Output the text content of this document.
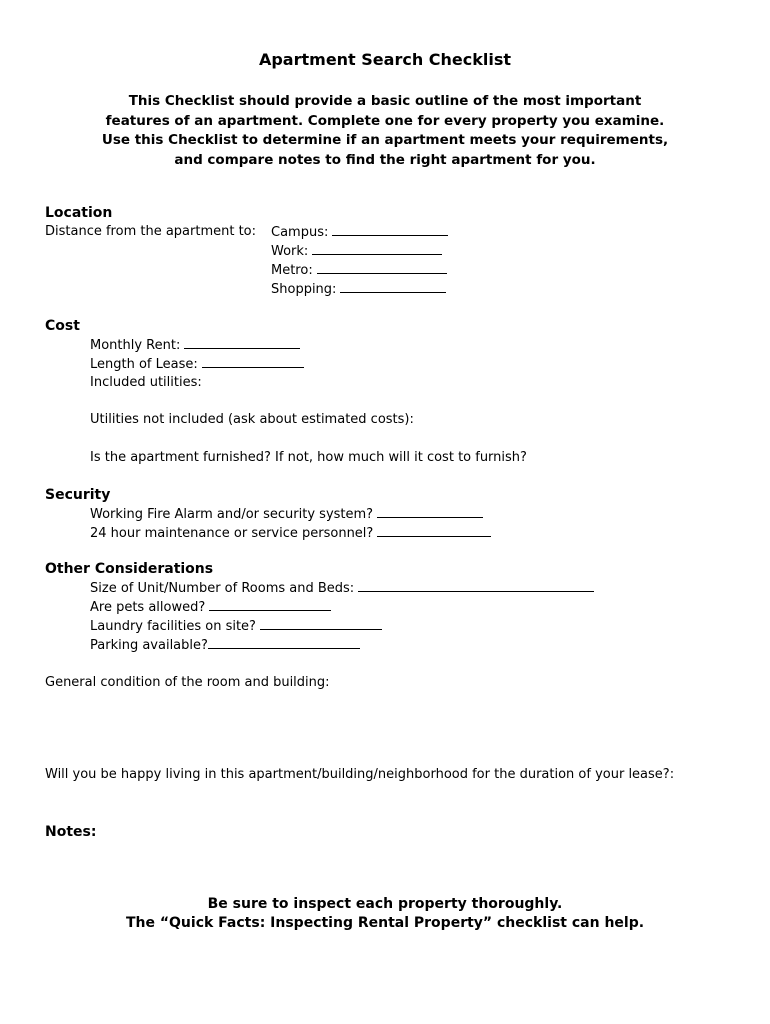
Apartment Search Checklist
This Checklist should provide a basic outline of the most important
features of an apartment. Complete one for every property you examine.
Use this Checklist to determine if an apartment meets your requirements,
and compare notes to find the right apartment for you.
Location
Distance from the apartment to: Campus:
Work:
Metro:
Shopping:
Cost
Monthly Rent:
Length of Lease:
Included utilities:
Utilities not included (ask about estimated costs):
Is the apartment furnished? If not, how much will it cost to furnish?
Security
Working Fire Alarm and/or security system?
24 hour maintenance or service personnel?
Other Considerations
Size of Unit/Number of Rooms and Beds:
Are pets allowed?
Laundry facilities on site?
Parking available?
General condition of the room and building:
Will you be happy living in this apartment/building/neighborhood for the duration of your lease?:
Notes:
Be sure to inspect each property thoroughly.
The “Quick Facts: Inspecting Rental Property” checklist can help.
